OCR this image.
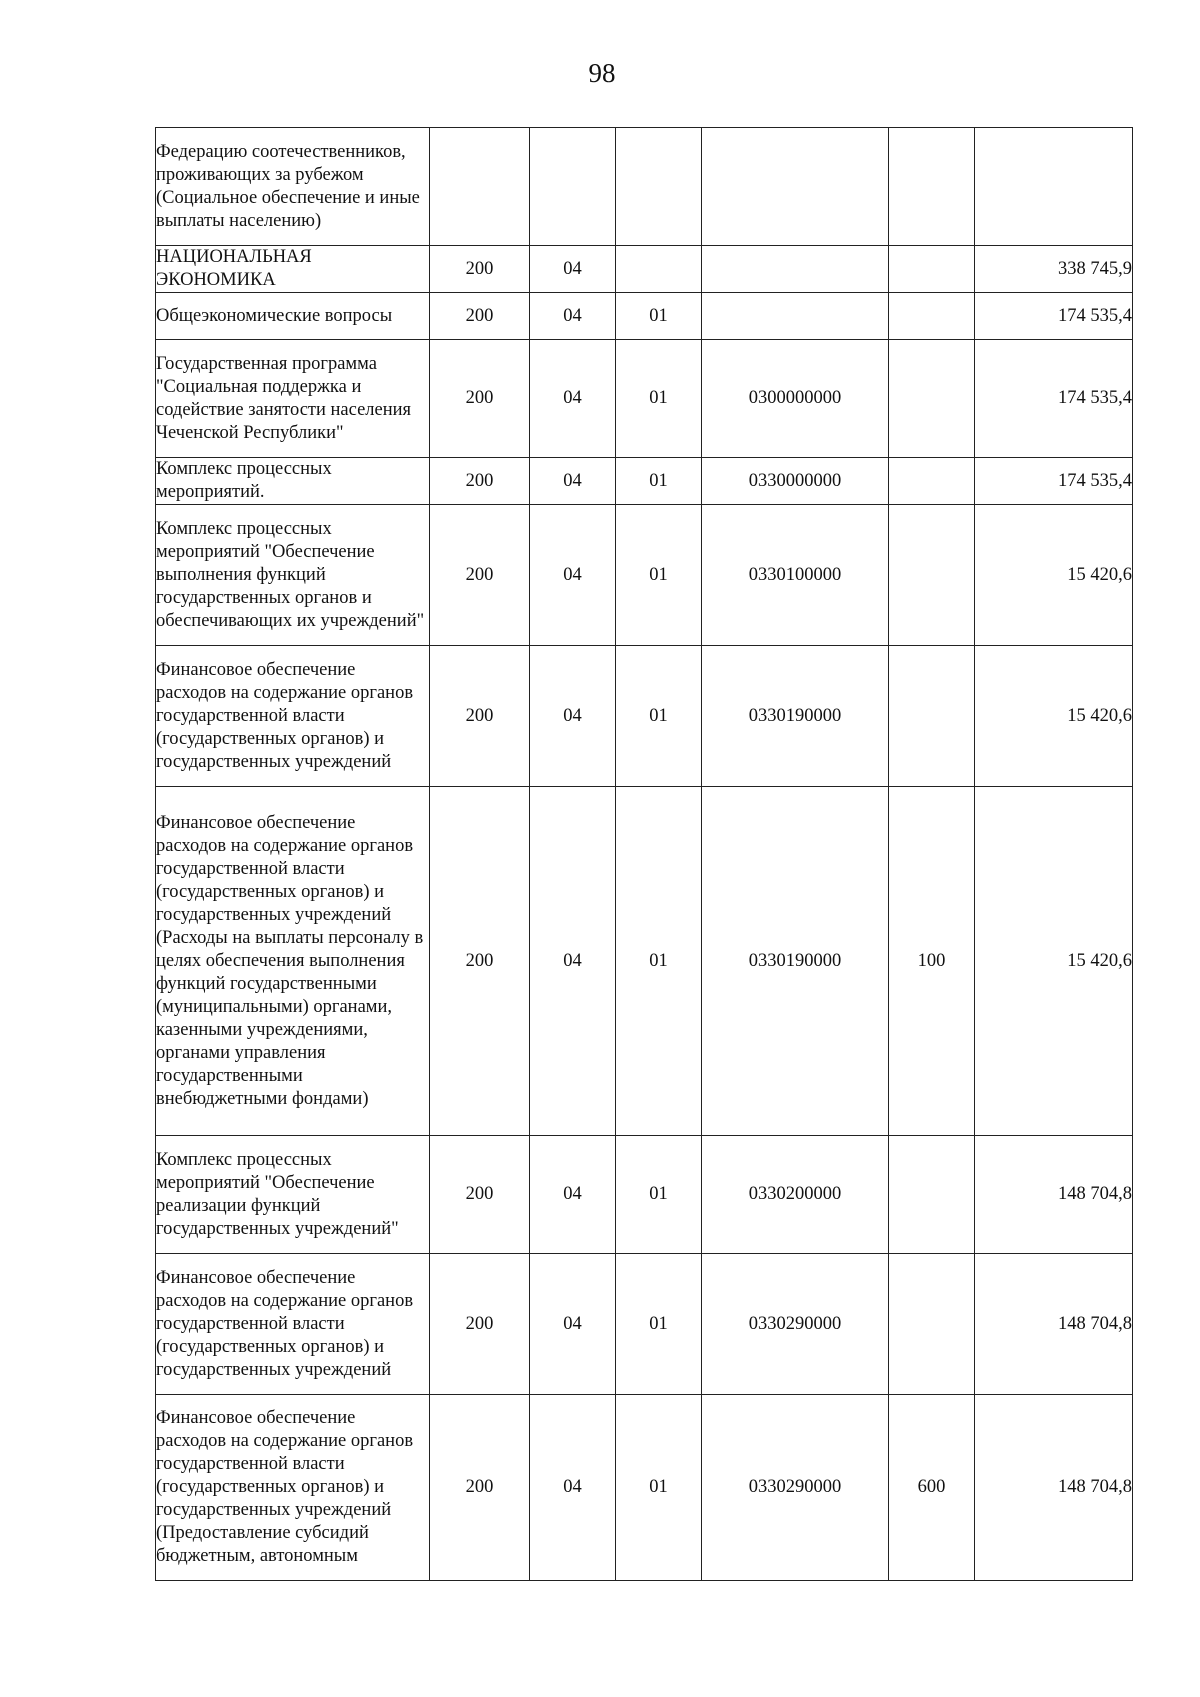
98
Федерацию соотечественников, проживающих за рубежом (Социальное обеспечение и иные выплаты населению)						
НАЦИОНАЛЬНАЯ ЭКОНОМИКА	200	04				338 745,9
Общеэкономические вопросы	200	04	01			174 535,4
Государственная программа "Социальная поддержка и содействие занятости населения Чеченской Республики"	200	04	01	0300000000		174 535,4
Комплекс процессных мероприятий.	200	04	01	0330000000		174 535,4
Комплекс процессных мероприятий "Обеспечение выполнения функций государственных органов и обеспечивающих их учреждений"	200	04	01	0330100000		15 420,6
Финансовое обеспечение расходов на содержание органов государственной власти (государственных органов) и государственных учреждений	200	04	01	0330190000		15 420,6
Финансовое обеспечение расходов на содержание органов государственной власти (государственных органов) и государственных учреждений (Расходы на выплаты персоналу в целях обеспечения выполнения функций государственными (муниципальными) органами, казенными учреждениями, органами управления государственными внебюджетными фондами)	200	04	01	0330190000	100	15 420,6
Комплекс процессных мероприятий "Обеспечение реализации функций государственных учреждений"	200	04	01	0330200000		148 704,8
Финансовое обеспечение расходов на содержание органов государственной власти (государственных органов) и государственных учреждений	200	04	01	0330290000		148 704,8
Финансовое обеспечение расходов на содержание органов государственной власти (государственных органов) и государственных учреждений (Предоставление субсидий бюджетным, автономным	200	04	01	0330290000	600	148 704,8
